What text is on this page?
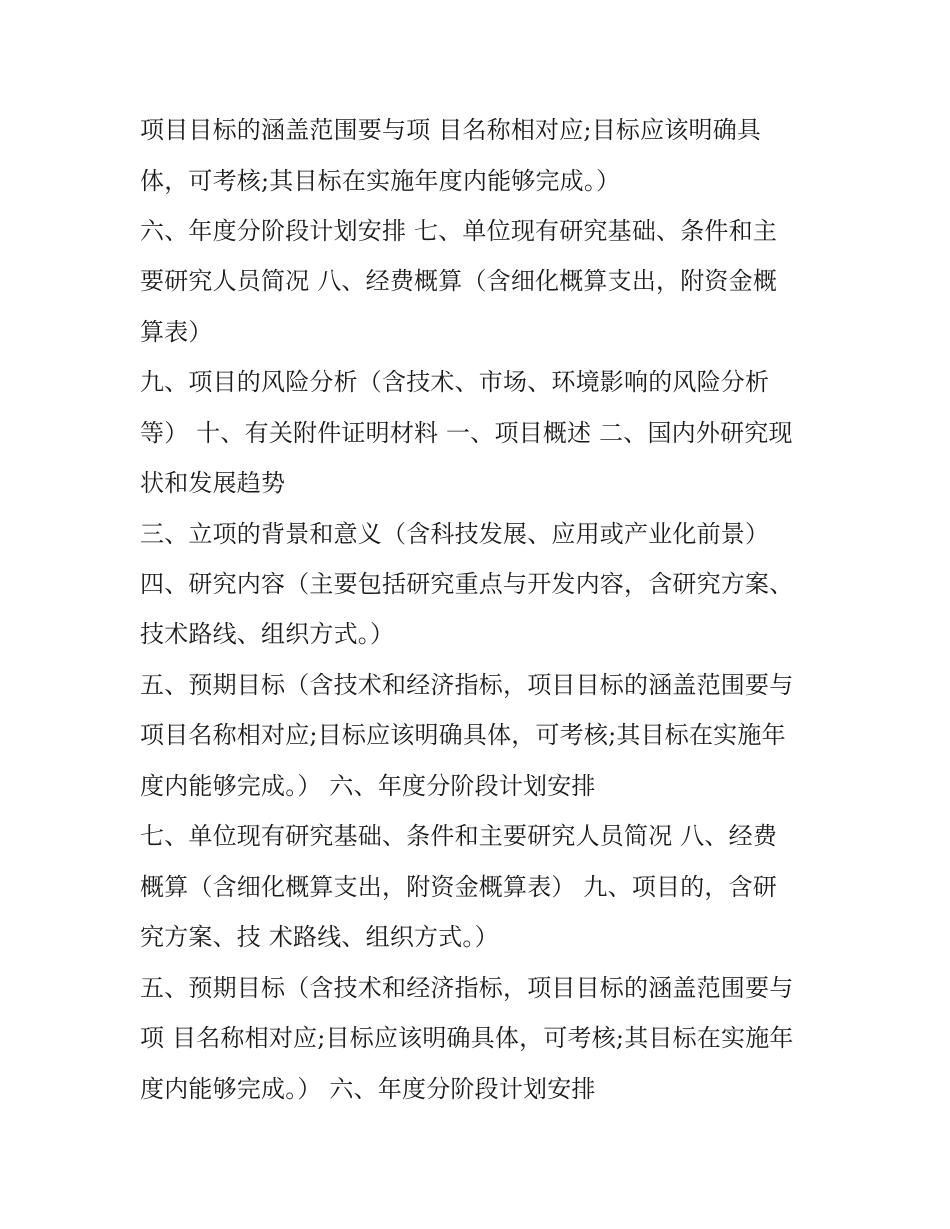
项目目标的涵盖范围要与项 目名称相对应;目标应该明确具
体，可考核;其目标在实施年度内能够完成。）
六、年度分阶段计划安排 七、单位现有研究基础、条件和主
要研究人员简况 八、经费概算（含细化概算支出，附资金概
算表）
九、项目的风险分析（含技术、市场、环境影响的风险分析
等） 十、有关附件证明材料 一、项目概述 二、国内外研究现
状和发展趋势
三、立项的背景和意义（含科技发展、应用或产业化前景）
四、研究内容（主要包括研究重点与开发内容，含研究方案、
技术路线、组织方式。）
五、预期目标（含技术和经济指标，项目目标的涵盖范围要与
项目名称相对应;目标应该明确具体，可考核;其目标在实施年
度内能够完成。） 六、年度分阶段计划安排
七、单位现有研究基础、条件和主要研究人员简况 八、经费
概算（含细化概算支出，附资金概算表） 九、项目的，含研
究方案、技 术路线、组织方式。）
五、预期目标（含技术和经济指标，项目目标的涵盖范围要与
项 目名称相对应;目标应该明确具体，可考核;其目标在实施年
度内能够完成。） 六、年度分阶段计划安排
